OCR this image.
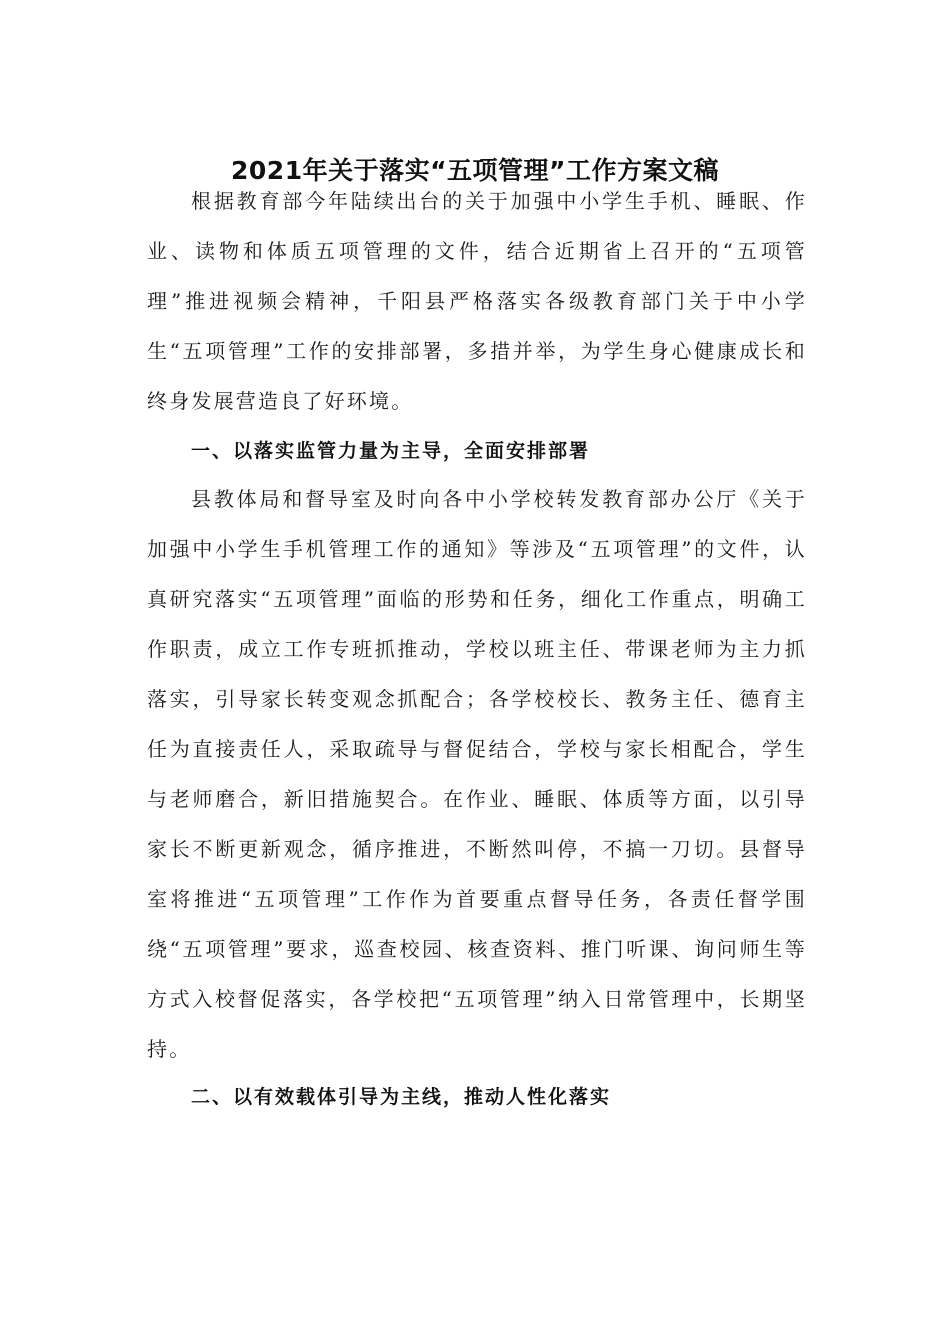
2021年关于落实“五项管理”工作方案文稿

根据教育部今年陆续出台的关于加强中小学生手机、睡眠、作业、读物和体质五项管理的文件，结合近期省上召开的“五项管理”推进视频会精神，千阳县严格落实各级教育部门关于中小学生“五项管理”工作的安排部署，多措并举，为学生身心健康成长和终身发展营造良了好环境。

一、以落实监管力量为主导，全面安排部署

县教体局和督导室及时向各中小学校转发教育部办公厅《关于加强中小学生手机管理工作的通知》等涉及“五项管理”的文件，认真研究落实“五项管理”面临的形势和任务，细化工作重点，明确工作职责，成立工作专班抓推动，学校以班主任、带课老师为主力抓落实，引导家长转变观念抓配合；各学校校长、教务主任、德育主任为直接责任人，采取疏导与督促结合，学校与家长相配合，学生与老师磨合，新旧措施契合。在作业、睡眠、体质等方面，以引导家长不断更新观念，循序推进，不断然叫停，不搞一刀切。县督导室将推进“五项管理”工作作为首要重点督导任务，各责任督学围绕“五项管理”要求，巡查校园、核查资料、推门听课、询问师生等方式入校督促落实，各学校把“五项管理”纳入日常管理中，长期坚持。

二、以有效载体引导为主线，推动人性化落实
